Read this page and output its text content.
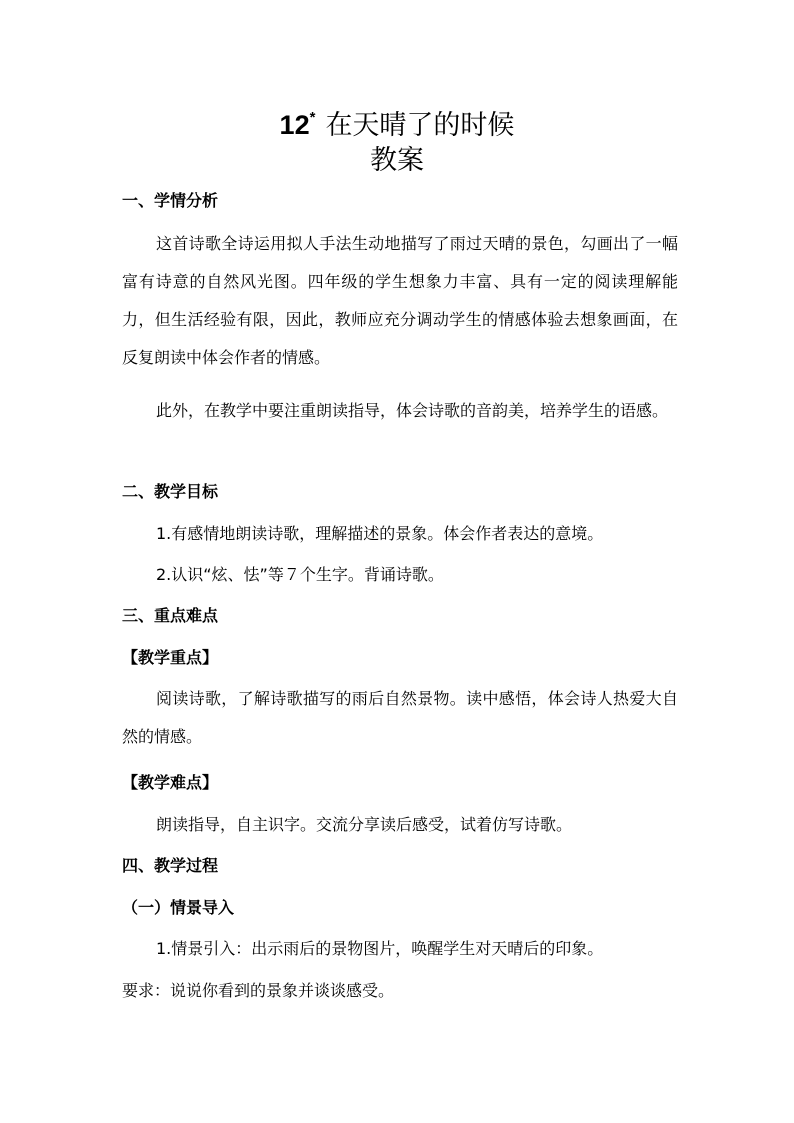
12* 在天晴了的时候
教案
一、学情分析
这首诗歌全诗运用拟人手法生动地描写了雨过天晴的景色，勾画出了一幅富有诗意的自然风光图。四年级的学生想象力丰富、具有一定的阅读理解能力，但生活经验有限，因此，教师应充分调动学生的情感体验去想象画面，在反复朗读中体会作者的情感。
此外，在教学中要注重朗读指导，体会诗歌的音韵美，培养学生的语感。
二、教学目标
1.有感情地朗读诗歌，理解描述的景象。体会作者表达的意境。
2.认识“炫、怯”等７个生字。背诵诗歌。
三、重点难点
【教学重点】
阅读诗歌，了解诗歌描写的雨后自然景物。读中感悟，体会诗人热爱大自然的情感。
【教学难点】
朗读指导，自主识字。交流分享读后感受，试着仿写诗歌。
四、教学过程
（一）情景导入
1.情景引入：出示雨后的景物图片，唤醒学生对天晴后的印象。
要求：说说你看到的景象并谈谈感受。
